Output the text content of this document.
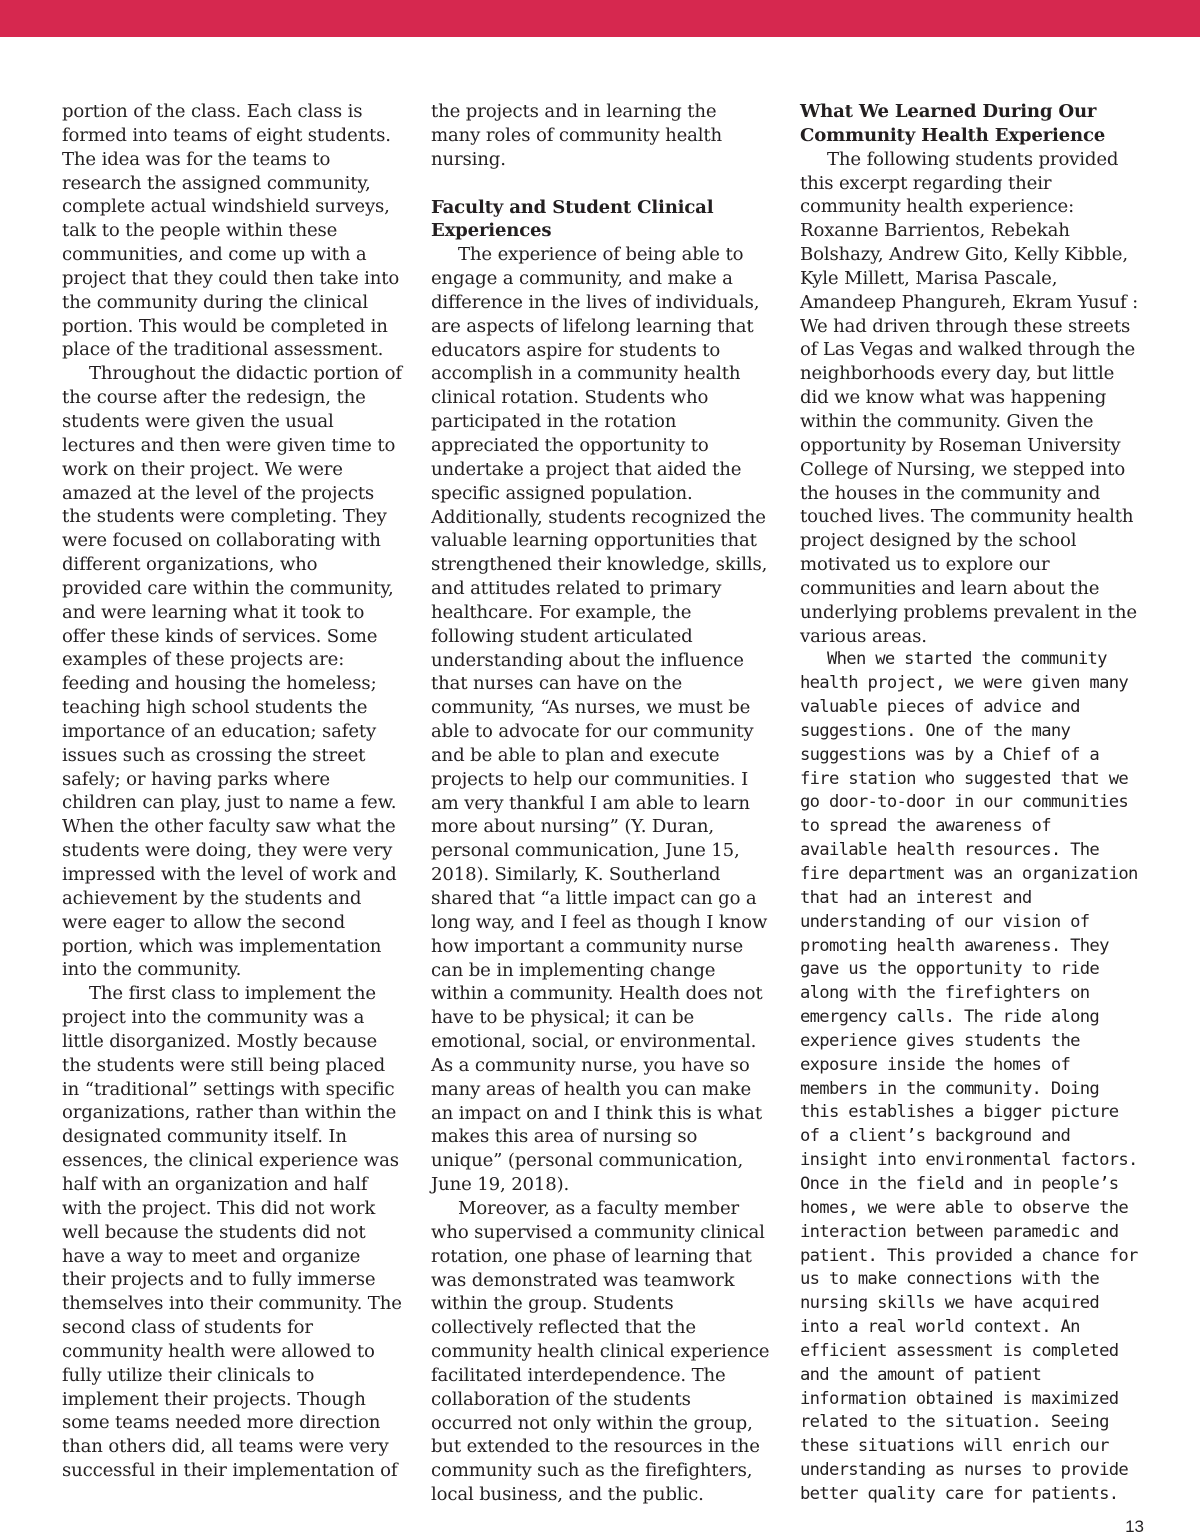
portion of the class. Each class is formed into teams of eight students. The idea was for the teams to research the assigned community, complete actual windshield surveys, talk to the people within these communities, and come up with a project that they could then take into the community during the clinical portion. This would be completed in place of the traditional assessment.

Throughout the didactic portion of the course after the redesign, the students were given the usual lectures and then were given time to work on their project. We were amazed at the level of the projects the students were completing. They were focused on collaborating with different organizations, who provided care within the community, and were learning what it took to offer these kinds of services. Some examples of these projects are: feeding and housing the homeless; teaching high school students the importance of an education; safety issues such as crossing the street safely; or having parks where children can play, just to name a few. When the other faculty saw what the students were doing, they were very impressed with the level of work and achievement by the students and were eager to allow the second portion, which was implementation into the community.

The first class to implement the project into the community was a little disorganized. Mostly because the students were still being placed in “traditional” settings with specific organizations, rather than within the designated community itself. In essences, the clinical experience was half with an organization and half with the project. This did not work well because the students did not have a way to meet and organize their projects and to fully immerse themselves into their community. The second class of students for community health were allowed to fully utilize their clinicals to implement their projects. Though some teams needed more direction than others did, all teams were very successful in their implementation of

the projects and in learning the many roles of community health nursing.

Faculty and Student Clinical Experiences

The experience of being able to engage a community, and make a difference in the lives of individuals, are aspects of lifelong learning that educators aspire for students to accomplish in a community health clinical rotation. Students who participated in the rotation appreciated the opportunity to undertake a project that aided the specific assigned population. Additionally, students recognized the valuable learning opportunities that strengthened their knowledge, skills, and attitudes related to primary healthcare. For example, the following student articulated understanding about the influence that nurses can have on the community, “As nurses, we must be able to advocate for our community and be able to plan and execute projects to help our communities. I am very thankful I am able to learn more about nursing” (Y. Duran, personal communication, June 15, 2018). Similarly, K. Southerland shared that “a little impact can go a long way, and I feel as though I know how important a community nurse can be in implementing change within a community. Health does not have to be physical; it can be emotional, social, or environmental. As a community nurse, you have so many areas of health you can make an impact on and I think this is what makes this area of nursing so unique” (personal communication, June 19, 2018).

Moreover, as a faculty member who supervised a community clinical rotation, one phase of learning that was demonstrated was teamwork within the group. Students collectively reflected that the community health clinical experience facilitated interdependence. The collaboration of the students occurred not only within the group, but extended to the resources in the community such as the firefighters, local business, and the public.

What We Learned During Our Community Health Experience

The following students provided this excerpt regarding their community health experience: Roxanne Barrientos, Rebekah Bolshazy, Andrew Gito, Kelly Kibble, Kyle Millett, Marisa Pascale, Amandeep Phangureh, Ekram Yusuf : We had driven through these streets of Las Vegas and walked through the neighborhoods every day, but little did we know what was happening within the community. Given the opportunity by Roseman University College of Nursing, we stepped into the houses in the community and touched lives. The community health project designed by the school motivated us to explore our communities and learn about the underlying problems prevalent in the various areas.

When we started the community health project, we were given many valuable pieces of advice and suggestions. One of the many suggestions was by a Chief of a fire station who suggested that we go door-to-door in our communities to spread the awareness of available health resources. The fire department was an organization that had an interest and understanding of our vision of promoting health awareness. They gave us the opportunity to ride along with the firefighters on emergency calls. The ride along experience gives students the exposure inside the homes of members in the community. Doing this establishes a bigger picture of a client’s background and insight into environmental factors. Once in the field and in people’s homes, we were able to observe the interaction between paramedic and patient. This provided a chance for us to make connections with the nursing skills we have acquired into a real world context. An efficient assessment is completed and the amount of patient information obtained is maximized related to the situation. Seeing these situations will enrich our understanding as nurses to provide better quality care for patients.

13
